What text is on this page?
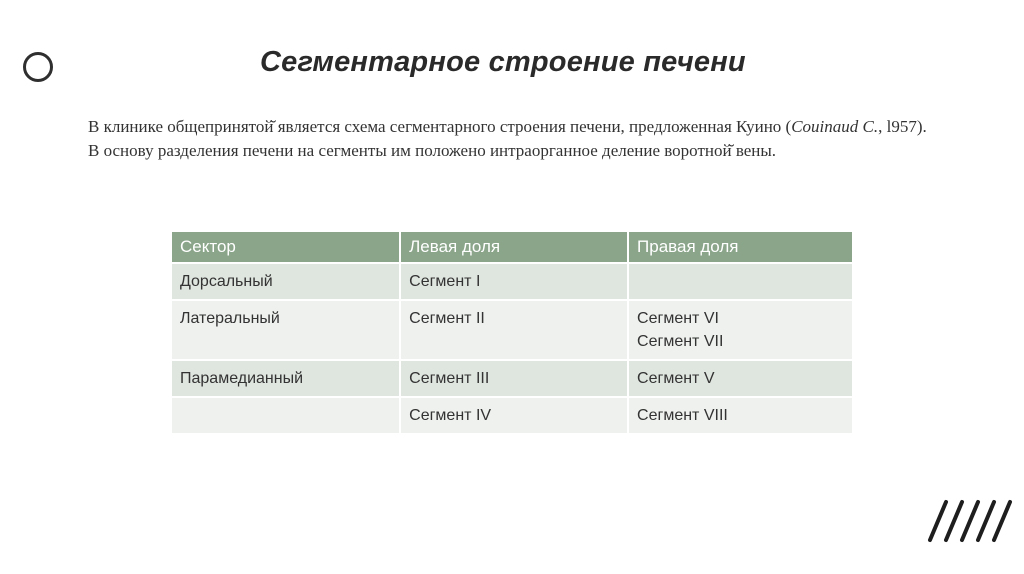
Сегментарное строение печени

В клинике общепринятой̆ является схема сегментарного строения печени, предложенная Куино (Couinaud C., l957). В основу разделения печени на сегменты им положено интраорганное деление воротной̆ вены.

Сектор	Левая доля	Правая доля
Дорсальный	Сегмент I	
Латеральный	Сегмент II	Сегмент VI
Сегмент VII

Парамедианный	Сегмент III	Сегмент V

	Сегмент IV	Сегмент VIII
